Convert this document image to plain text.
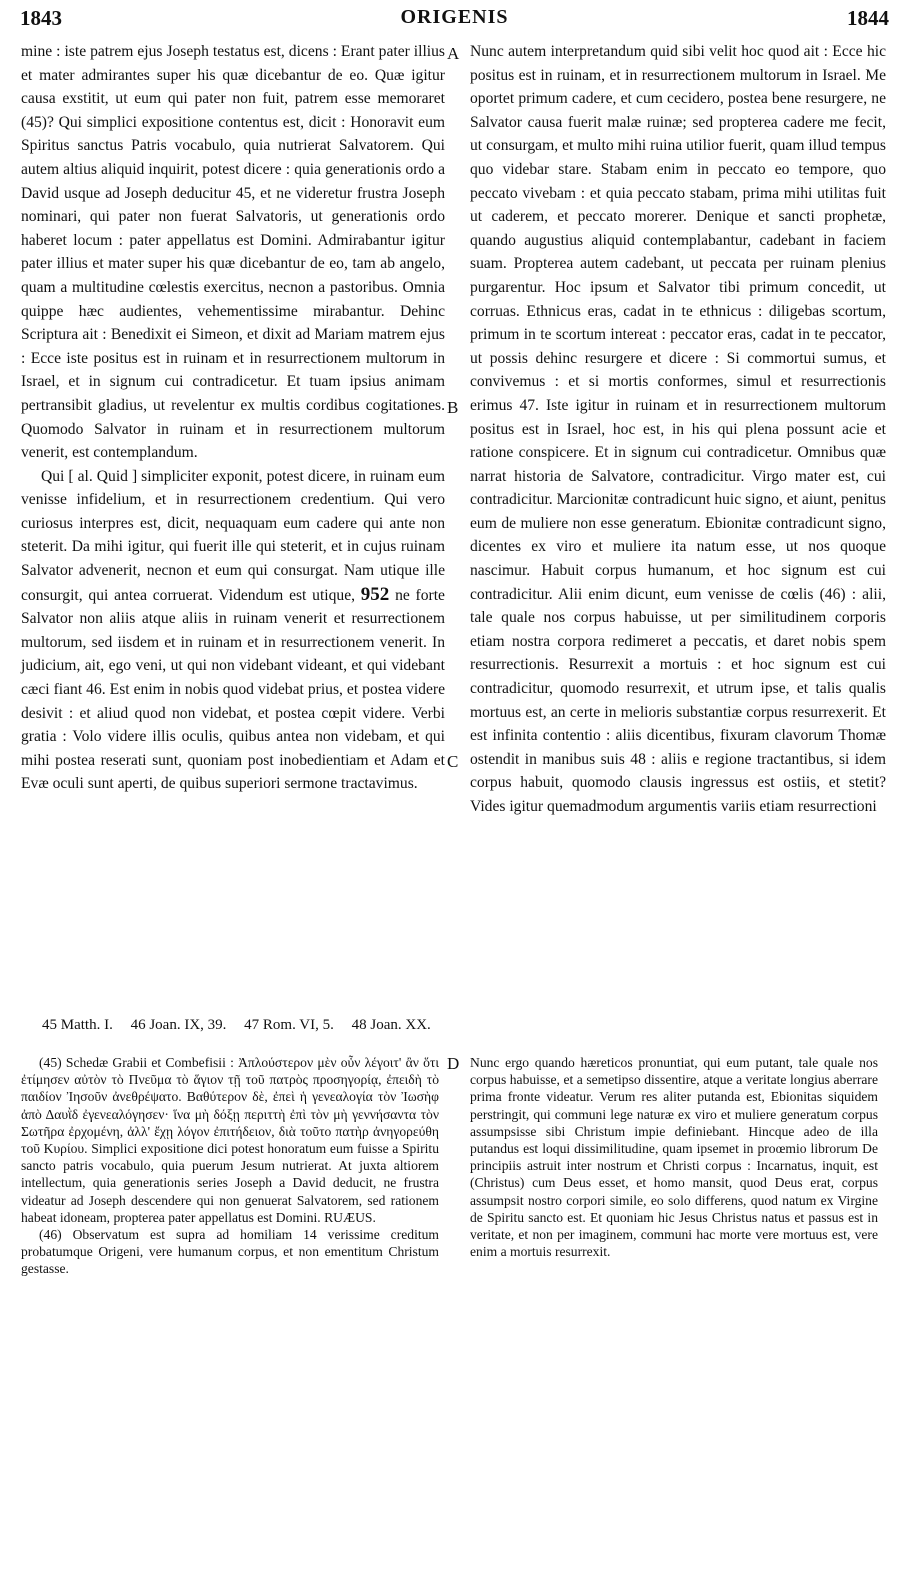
1843	ORIGENIS	1844
A
B
C
D

mine : iste patrem ejus Joseph testatus est, dicens : Erant pater illius et mater admirantes super his quæ dicebantur de eo. Quæ igitur causa exstitit, ut eum qui pater non fuit, patrem esse memoraret (45)? Qui simplici expositione contentus est, dicit : Honoravit eum Spiritus sanctus Patris vocabulo, quia nutrierat Salvatorem. Qui autem altius aliquid inquirit, potest dicere : quia generationis ordo a David usque ad Joseph deducitur 45, et ne videretur frustra Joseph nominari, qui pater non fuerat Salvatoris, ut generationis ordo haberet locum : pater appellatus est Domini. Admirabantur igitur pater illius et mater super his quæ dicebantur de eo, tam ab angelo, quam a multitudine cœlestis exercitus, necnon a pastoribus. Omnia quippe hæc audientes, vehementissime mirabantur. Dehinc Scriptura ait : Benedixit ei Simeon, et dixit ad Mariam matrem ejus : Ecce iste positus est in ruinam et in resurrectionem multorum in Israel, et in signum cui contradicetur. Et tuam ipsius animam pertransibit gladius, ut revelentur ex multis cordibus cogitationes. Quomodo Salvator in ruinam et in resurrectionem multorum venerit, est contemplandum.

Qui [ al. Quid ] simpliciter exponit, potest dicere, in ruinam eum venisse infidelium, et in resurrectionem credentium. Qui vero curiosus interpres est, dicit, nequaquam eum cadere qui ante non steterit. Da mihi igitur, qui fuerit ille qui steterit, et in cujus ruinam Salvator advenerit, necnon et eum qui consurgat. Nam utique ille consurgit, qui antea corruerat. Videndum est utique, 952 ne forte Salvator non aliis atque aliis in ruinam venerit et resurrectionem multorum, sed iisdem et in ruinam et in resurrectionem venerit. In judicium, ait, ego veni, ut qui non videbant videant, et qui videbant cæci fiant 46. Est enim in nobis quod videbat prius, et postea videre desivit : et aliud quod non videbat, et postea cœpit videre. Verbi gratia : Volo videre illis oculis, quibus antea non videbam, et qui mihi postea reserati sunt, quoniam post inobedientiam et Adam et Evæ oculi sunt aperti, de quibus superiori sermone tractavimus.

Nunc autem interpretandum quid sibi velit hoc quod ait : Ecce hic positus est in ruinam, et in resurrectionem multorum in Israel. Me oportet primum cadere, et cum cecidero, postea bene resurgere, ne Salvator causa fuerit malæ ruinæ; sed propterea cadere me fecit, ut consurgam, et multo mihi ruina utilior fuerit, quam illud tempus quo videbar stare. Stabam enim in peccato eo tempore, quo peccato vivebam : et quia peccato stabam, prima mihi utilitas fuit ut caderem, et peccato morerer. Denique et sancti prophetæ, quando augustius aliquid contemplabantur, cadebant in faciem suam. Propterea autem cadebant, ut peccata per ruinam plenius purgarentur. Hoc ipsum et Salvator tibi primum concedit, ut corruas. Ethnicus eras, cadat in te ethnicus : diligebas scortum, primum in te scortum intereat : peccator eras, cadat in te peccator, ut possis dehinc resurgere et dicere : Si commortui sumus, et convivemus : et si mortis conformes, simul et resurrectionis erimus 47. Iste igitur in ruinam et in resurrectionem multorum positus est in Israel, hoc est, in his qui plena possunt acie et ratione conspicere. Et in signum cui contradicetur. Omnibus quæ narrat historia de Salvatore, contradicitur. Virgo mater est, cui contradicitur. Marcionitæ contradicunt huic signo, et aiunt, penitus eum de muliere non esse generatum. Ebionitæ contradicunt signo, dicentes ex viro et muliere ita natum esse, ut nos quoque nascimur. Habuit corpus humanum, et hoc signum est cui contradicitur. Alii enim dicunt, eum venisse de cœlis (46) : alii, tale quale nos corpus habuisse, ut per similitudinem corporis etiam nostra corpora redimeret a peccatis, et daret nobis spem resurrectionis. Resurrexit a mortuis : et hoc signum est cui contradicitur, quomodo resurrexit, et utrum ipse, et talis qualis mortuus est, an certe in melioris substantiæ corpus resurrexerit. Et est infinita contentio : aliis dicentibus, fixuram clavorum Thomæ ostendit in manibus suis 48 : aliis e regione tractantibus, si idem corpus habuit, quomodo clausis ingressus est ostiis, et stetit? Vides igitur quemadmodum argumentis variis etiam resurrectioni

45 Matth. I. 46 Joan. IX, 39. 47 Rom. VI, 5. 48 Joan. XX.

(45) Schedæ Grabii et Combefisii : Ἀπλούστερον μὲν οὖν λέγοιτ' ἂν ὅτι ἐτίμησεν αὐτὸν τὸ Πνεῦμα τὸ ἅγιον τῇ τοῦ πατρὸς προσηγορίᾳ, ἐπειδὴ τὸ παιδίον Ἰησοῦν ἀνεθρέψατο. Βαθύτερον δὲ, ἐπεὶ ἡ γενεαλογία τὸν Ἰωσὴφ ἀπὸ Δαυῒδ ἐγενεαλόγησεν· ἵνα μὴ δόξῃ περιττὴ ἐπὶ τὸν μὴ γεννήσαντα τὸν Σωτῆρα ἐρχομένη, ἀλλ' ἔχῃ λόγον ἐπιτήδειον, διὰ τοῦτο πατὴρ ἀνηγορεύθη τοῦ Κυρίου. Simplici expositione dici potest honoratum eum fuisse a Spiritu sancto patris vocabulo, quia puerum Jesum nutrierat. At juxta altiorem intellectum, quia generationis series Joseph a David deducit, ne frustra videatur ad Joseph descendere qui non genuerat Salvatorem, sed rationem habeat idoneam, propterea pater appellatus est Domini. RUÆUS.

(46) Observatum est supra ad homiliam 14 verissime creditum probatumque Origeni, vere humanum corpus, et non ementitum Christum gestasse.

Nunc ergo quando hæreticos pronuntiat, qui eum putant, tale quale nos corpus habuisse, et a semetipso dissentire, atque a veritate longius aberrare prima fronte videatur. Verum res aliter putanda est, Ebionitas siquidem perstringit, qui communi lege naturæ ex viro et muliere generatum corpus assumpsisse sibi Christum impie definiebant. Hincque adeo de illa putandus est loqui dissimilitudine, quam ipsemet in proœmio librorum De principiis astruit inter nostrum et Christi corpus : Incarnatus, inquit, est (Christus) cum Deus esset, et homo mansit, quod Deus erat, corpus assumpsit nostro corpori simile, eo solo differens, quod natum ex Virgine de Spiritu sancto est. Et quoniam hic Jesus Christus natus et passus est in veritate, et non per imaginem, communi hac morte vere mortuus est, vere enim a mortuis resurrexit.
